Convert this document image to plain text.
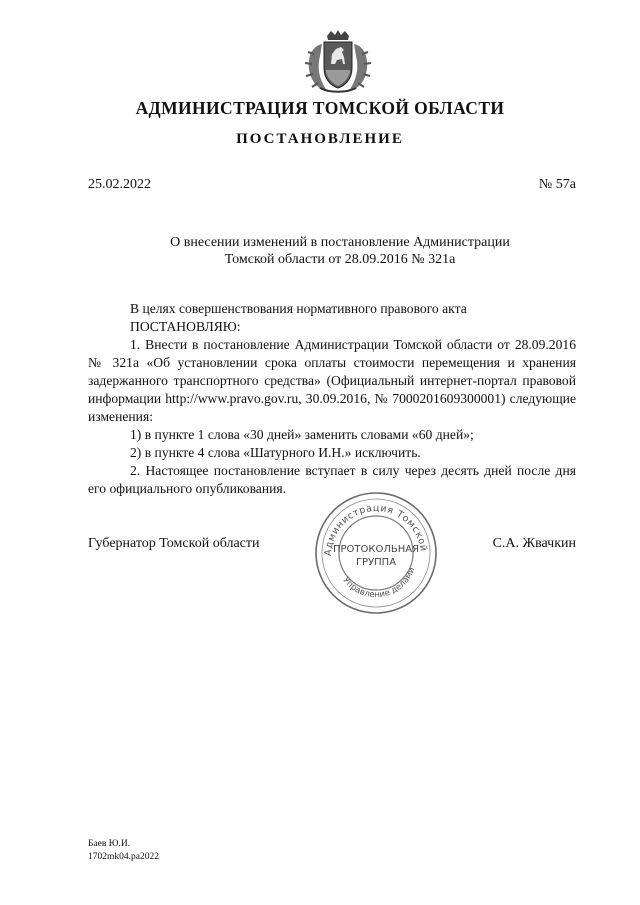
АДМИНИСТРАЦИЯ ТОМСКОЙ ОБЛАСТИ
ПОСТАНОВЛЕНИЕ
25.02.2022	№ 57а
О внесении изменений в постановление Администрации
Томской области от 28.09.2016 № 321а

В целях совершенствования нормативного правового акта

ПОСТАНОВЛЯЮ:

1. Внести в постановление Администрации Томской области от 28.09.2016 № 321а «Об установлении срока оплаты стоимости перемещения и хранения задержанного транспортного средства» (Официальный интернет-портал правовой информации http://www.pravo.gov.ru, 30.09.2016, № 7000201609300001) следующие изменения:

1) в пункте 1 слова «30 дней» заменить словами «60 дней»;

2) в пункте 4 слова «Шатурного И.Н.» исключить.

2. Настоящее постановление вступает в силу через десять дней после дня его официального опубликования.

Губернатор Томской области	С.А. Жвачкин
Администрация Томской
Управление делами
ПРОТОКОЛЬНАЯ
ГРУППА
Баев Ю.И.
1702mk04.pa2022
